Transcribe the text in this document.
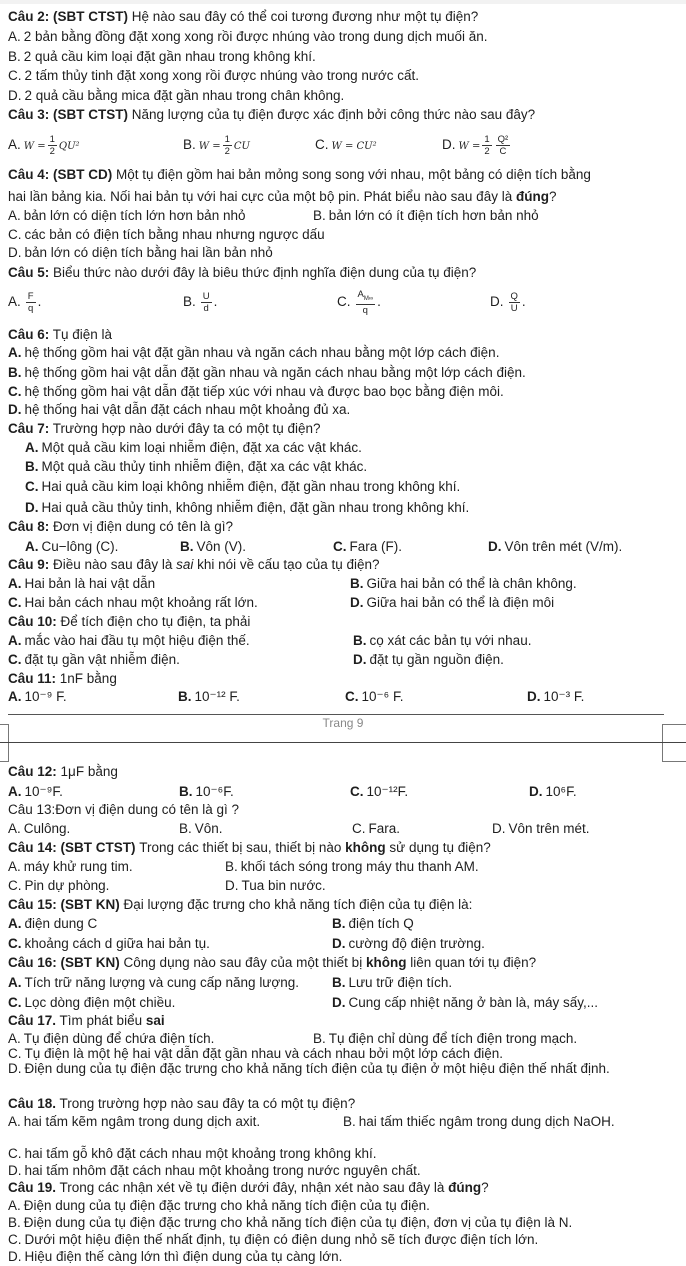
Câu 2: (SBT CTST) Hệ nào sau đây có thể coi tương đương như một tụ điện?
A. 2 bản bằng đồng đặt xong xong rồi được nhúng vào trong dung dịch muối ăn.
B. 2 quả cầu kim loại đặt gần nhau trong không khí.
C. 2 tấm thủy tinh đặt xong xong rồi được nhúng vào trong nước cất.
D. 2 quả cầu bằng mica đặt gần nhau trong chân không.
Câu 3: (SBT CTST) Năng lượng của tụ điện được xác định bởi công thức nào sau đây?
A. $W = \frac{1}{2} QU^2$	B. $W = \frac{1}{2}$ CU	C. W = CU²	D. $W = \frac{1}{2} \frac{\text{Q²}}{C}$
Câu 4: (SBT CD) Một tụ điện gồm hai bản mỏng song song với nhau, một bảng có diện tích bằng
hai lần bảng kia. Nối hai bản tụ với hai cực của một bộ pin. Phát biểu nào sau đây là đúng?
A. bản lớn có diện tích lớn hơn bản nhỏ	B. bản lớn có ít điện tích hơn bản nhỏ
C. các bản có điện tích bằng nhau nhưng ngược dấu
D. bản lớn có diện tích bằng hai lần bản nhỏ
Câu 5: Biểu thức nào dưới đây là biêu thức định nghĩa điện dung của tụ điện?
A. $\frac{F}{q}$ .	B. $\frac{U}{d}$ .	C. $\frac{A_{M\infty}}{q}$ .	D. $\frac{Q}{U}$ .
Câu 6: Tụ điện là
A. hệ thống gồm hai vật đặt gần nhau và ngăn cách nhau bằng một lớp cách điện.
B. hệ thống gồm hai vật dẫn đặt gần nhau và ngăn cách nhau bằng một lớp cách điện.
C. hệ thống gồm hai vật dẫn đặt tiếp xúc với nhau và được bao bọc bằng điện môi.
D. hệ thống hai vật dẫn đặt cách nhau một khoảng đủ xa.
Câu 7: Trường hợp nào dưới đây ta có một tụ điện?
A. Một quả cầu kim loại nhiễm điện, đặt xa các vật khác.
B. Một quả cầu thủy tinh nhiễm điện, đặt xa các vật khác.
C. Hai quả cầu kim loại không nhiễm điện, đặt gần nhau trong không khí.
D. Hai quả cầu thủy tinh, không nhiễm điện, đặt gần nhau trong không khí.
Câu 8: Đơn vị điện dung có tên là gì?
A. Cu−lông (C).	B. Vôn (V).	C. Fara (F).	D. Vôn trên mét (V/m).
Câu 9: Điều nào sau đây là sai khi nói về cấu tạo của tụ điện?
A. Hai bản là hai vật dẫn	B. Giữa hai bản có thể là chân không.
C. Hai bản cách nhau một khoảng rất lớn.	D. Giữa hai bản có thể là điện môi
Câu 10: Để tích điện cho tụ điện, ta phải
A. mắc vào hai đầu tụ một hiệu điện thế.	B. cọ xát các bản tụ với nhau.
C. đặt tụ gần vật nhiễm điện.	D. đặt tụ gần nguồn điện.
Câu 11: 1nF bằng
A. 10⁻⁹ F.	B. 10⁻¹² F.	C. 10⁻⁶ F.	D. 10⁻³ F.
Câu 12: 1μF bằng
A. 10⁻⁹F.	B. 10⁻⁶F.	C. 10⁻¹²F.	D. 10⁶F.
Câu 13:Đơn vị điện dung có tên là gì ?
A. Culông.	B. Vôn.	C. Fara.	D. Vôn trên mét.
Câu 14: (SBT CTST) Trong các thiết bị sau, thiết bị nào không sử dụng tụ điện?
A. máy khử rung tim.	B. khối tách sóng trong máy thu thanh AM.
C. Pin dự phòng.	D. Tua bin nước.
Câu 15: (SBT KN) Đại lượng đặc trưng cho khả năng tích điện của tụ điện là:
A. điện dung C	B. điện tích Q
C. khoảng cách d giữa hai bản tụ.	D. cường độ điện trường.
Câu 16: (SBT KN) Công dụng nào sau đây của một thiết bị không liên quan tới tụ điện?
A. Tích trữ năng lượng và cung cấp năng lượng. B. Lưu trữ điện tích.
C. Lọc dòng điện một chiều.	D. Cung cấp nhiệt năng ở bàn là, máy sấy,...
Câu 17. Tìm phát biểu sai
A. Tụ điện dùng để chứa điện tích.	B. Tụ điện chỉ dùng để tích điện trong mạch.
C. Tụ điện là một hệ hai vật dẫn đặt gần nhau và cách nhau bởi một lớp cách điện.
D. Điện dung của tụ điện đặc trưng cho khả năng tích điện của tụ điện ở một hiệu điện thế nhất định.
Câu 18. Trong trường hợp nào sau đây ta có một tụ điện?
A. hai tấm kẽm ngâm trong dung dịch axit.	B. hai tấm thiếc ngâm trong dung dịch NaOH.
C. hai tấm gỗ khô đặt cách nhau một khoảng trong không khí.
D. hai tấm nhôm đặt cách nhau một khoảng trong nước nguyên chất.
Câu 19. Trong các nhận xét về tụ điện dưới đây, nhận xét nào sau đây là đúng?
A. Điện dung của tụ điện đặc trưng cho khả năng tích điện của tụ điện.
B. Điện dung của tụ điện đặc trưng cho khả năng tích điện của tụ điện, đơn vị của tụ điện là N.
C. Dưới một hiệu điện thế nhất định, tụ điện có điện dung nhỏ sẽ tích được điện tích lớn.
D. Hiệu điện thế càng lớn thì điện dung của tụ càng lớn.
Trang 9
